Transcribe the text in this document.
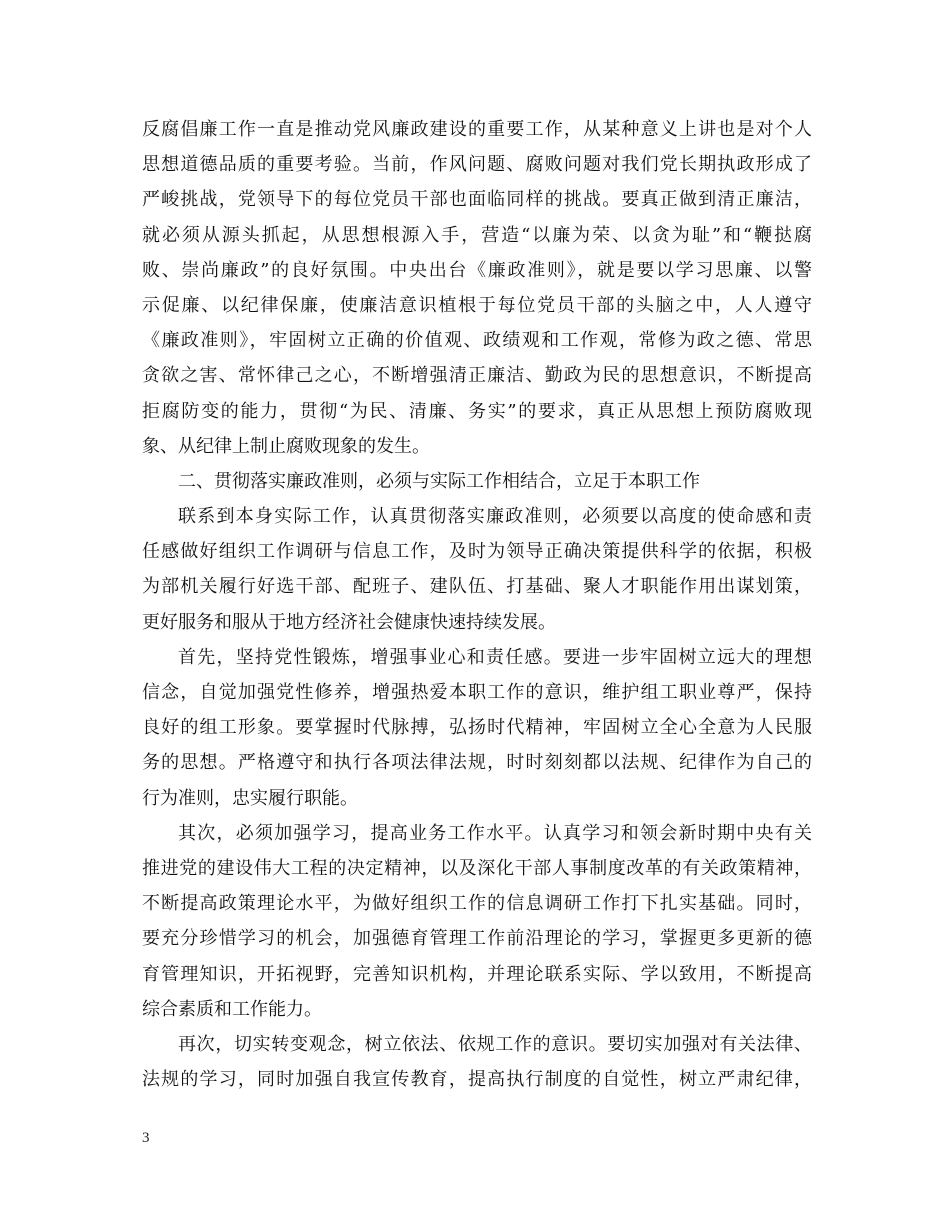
反腐倡廉工作一直是推动党风廉政建设的重要工作，从某种意义上讲也是对个人
思想道德品质的重要考验。当前，作风问题、腐败问题对我们党长期执政形成了
严峻挑战，党领导下的每位党员干部也面临同样的挑战。要真正做到清正廉洁，
就必须从源头抓起，从思想根源入手，营造“以廉为荣、以贪为耻”和“鞭挞腐
败、崇尚廉政”的良好氛围。中央出台《廉政准则》，就是要以学习思廉、以警
示促廉、以纪律保廉，使廉洁意识植根于每位党员干部的头脑之中，人人遵守
《廉政准则》，牢固树立正确的价值观、政绩观和工作观，常修为政之德、常思
贪欲之害、常怀律己之心，不断增强清正廉洁、勤政为民的思想意识，不断提高
拒腐防变的能力，贯彻“为民、清廉、务实”的要求，真正从思想上预防腐败现
象、从纪律上制止腐败现象的发生。
二、贯彻落实廉政准则，必须与实际工作相结合，立足于本职工作
联系到本身实际工作，认真贯彻落实廉政准则，必须要以高度的使命感和责
任感做好组织工作调研与信息工作，及时为领导正确决策提供科学的依据，积极
为部机关履行好选干部、配班子、建队伍、打基础、聚人才职能作用出谋划策，
更好服务和服从于地方经济社会健康快速持续发展。
首先，坚持党性锻炼，增强事业心和责任感。要进一步牢固树立远大的理想
信念，自觉加强党性修养，增强热爱本职工作的意识，维护组工职业尊严，保持
良好的组工形象。要掌握时代脉搏，弘扬时代精神，牢固树立全心全意为人民服
务的思想。严格遵守和执行各项法律法规，时时刻刻都以法规、纪律作为自己的
行为准则，忠实履行职能。
其次，必须加强学习，提高业务工作水平。认真学习和领会新时期中央有关
推进党的建设伟大工程的决定精神，以及深化干部人事制度改革的有关政策精神，
不断提高政策理论水平，为做好组织工作的信息调研工作打下扎实基础。同时，
要充分珍惜学习的机会，加强德育管理工作前沿理论的学习，掌握更多更新的德
育管理知识，开拓视野，完善知识机构，并理论联系实际、学以致用，不断提高
综合素质和工作能力。
再次，切实转变观念，树立依法、依规工作的意识。要切实加强对有关法律、
法规的学习，同时加强自我宣传教育，提高执行制度的自觉性，树立严肃纪律，
3
